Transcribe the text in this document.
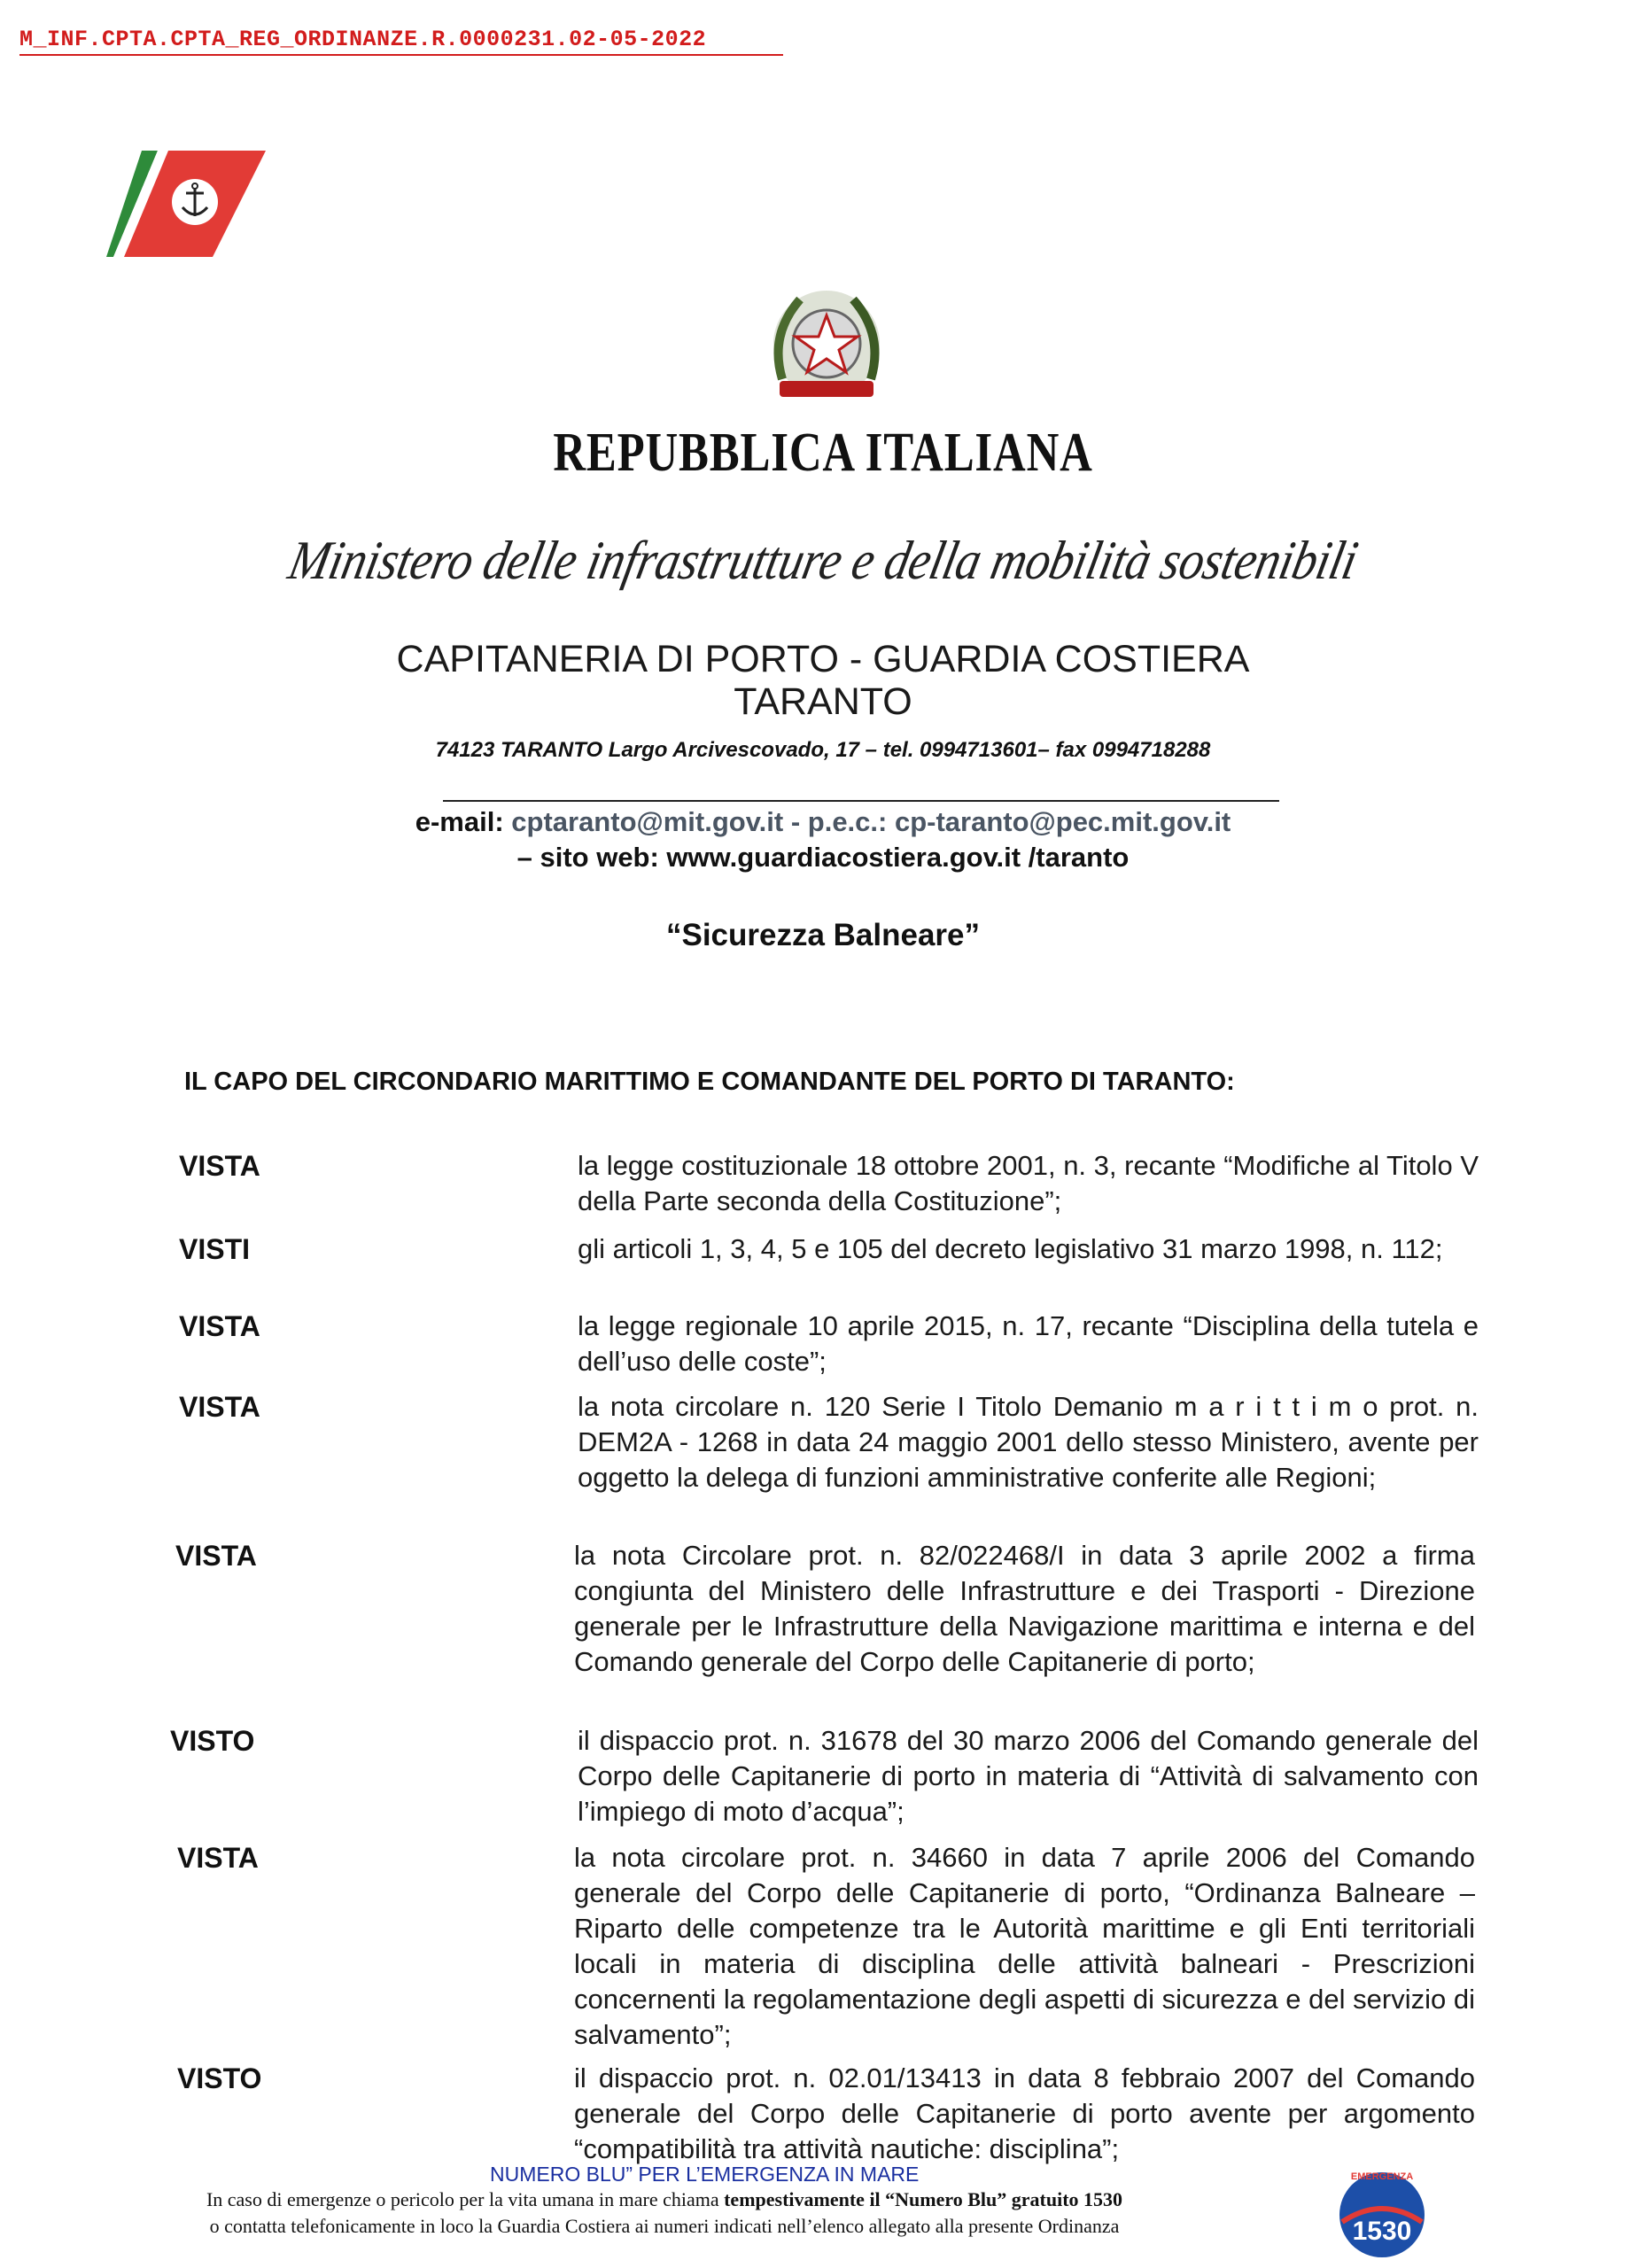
M_INF.CPTA.CPTA_REG_ORDINANZE.R.0000231.02-05-2022
REPUBBLICA ITALIANA
Ministero delle infrastrutture e della mobilità sostenibili
CAPITANERIA DI PORTO - GUARDIA COSTIERA
TARANTO
74123 TARANTO Largo Arcivescovado, 17 – tel. 0994713601– fax 0994718288
e-mail: cptaranto@mit.gov.it - p.e.c.: cp-taranto@pec.mit.gov.it
– sito web: www.guardiacostiera.gov.it /taranto
“Sicurezza Balneare”
IL CAPO DEL CIRCONDARIO MARITTIMO E COMANDANTE DEL PORTO DI TARANTO:
VISTA	la legge costituzionale 18 ottobre 2001, n. 3, recante “Modifiche al Titolo V della Parte seconda della Costituzione”;
VISTI	gli articoli 1, 3, 4, 5 e 105 del decreto legislativo 31 marzo 1998, n. 112;
VISTA	la legge regionale 10 aprile 2015, n. 17, recante “Disciplina della tutela e dell’uso delle coste”;
VISTA	la nota circolare n. 120 Serie I Titolo Demanio m a r i t t i m o prot. n. DEM2A - 1268 in data 24 maggio 2001 dello stesso Ministero, avente per oggetto la delega di funzioni amministrative conferite alle Regioni;
VISTA	la nota Circolare prot. n. 82/022468/I in data 3 aprile 2002 a firma congiunta del Ministero delle Infrastrutture e dei Trasporti - Direzione generale per le Infrastrutture della Navigazione marittima e interna e del Comando generale del Corpo delle Capitanerie di porto;
VISTO	il dispaccio prot. n. 31678 del 30 marzo 2006 del Comando generale del Corpo delle Capitanerie di porto in materia di “Attività di salvamento con l’impiego di moto d’acqua”;
VISTA	la nota circolare prot. n. 34660 in data 7 aprile 2006 del Comando generale del Corpo delle Capitanerie di porto, “Ordinanza Balneare – Riparto delle competenze tra le Autorità marittime e gli Enti territoriali locali in materia di disciplina delle attività balneari - Prescrizioni concernenti la regolamentazione degli aspetti di sicurezza e del servizio di salvamento”;
VISTO	il dispaccio prot. n. 02.01/13413 in data 8 febbraio 2007 del Comando generale del Corpo delle Capitanerie di porto avente per argomento “compatibilità tra attività nautiche: disciplina”;
NUMERO BLU” PER L’EMERGENZA IN MARE
In caso di emergenze o pericolo per la vita umana in mare chiama tempestivamente il “Numero Blu” gratuito 1530
o contatta telefonicamente in loco la Guardia Costiera ai numeri indicati nell’elenco allegato alla presente Ordinanza
EMERGENZA
1530
